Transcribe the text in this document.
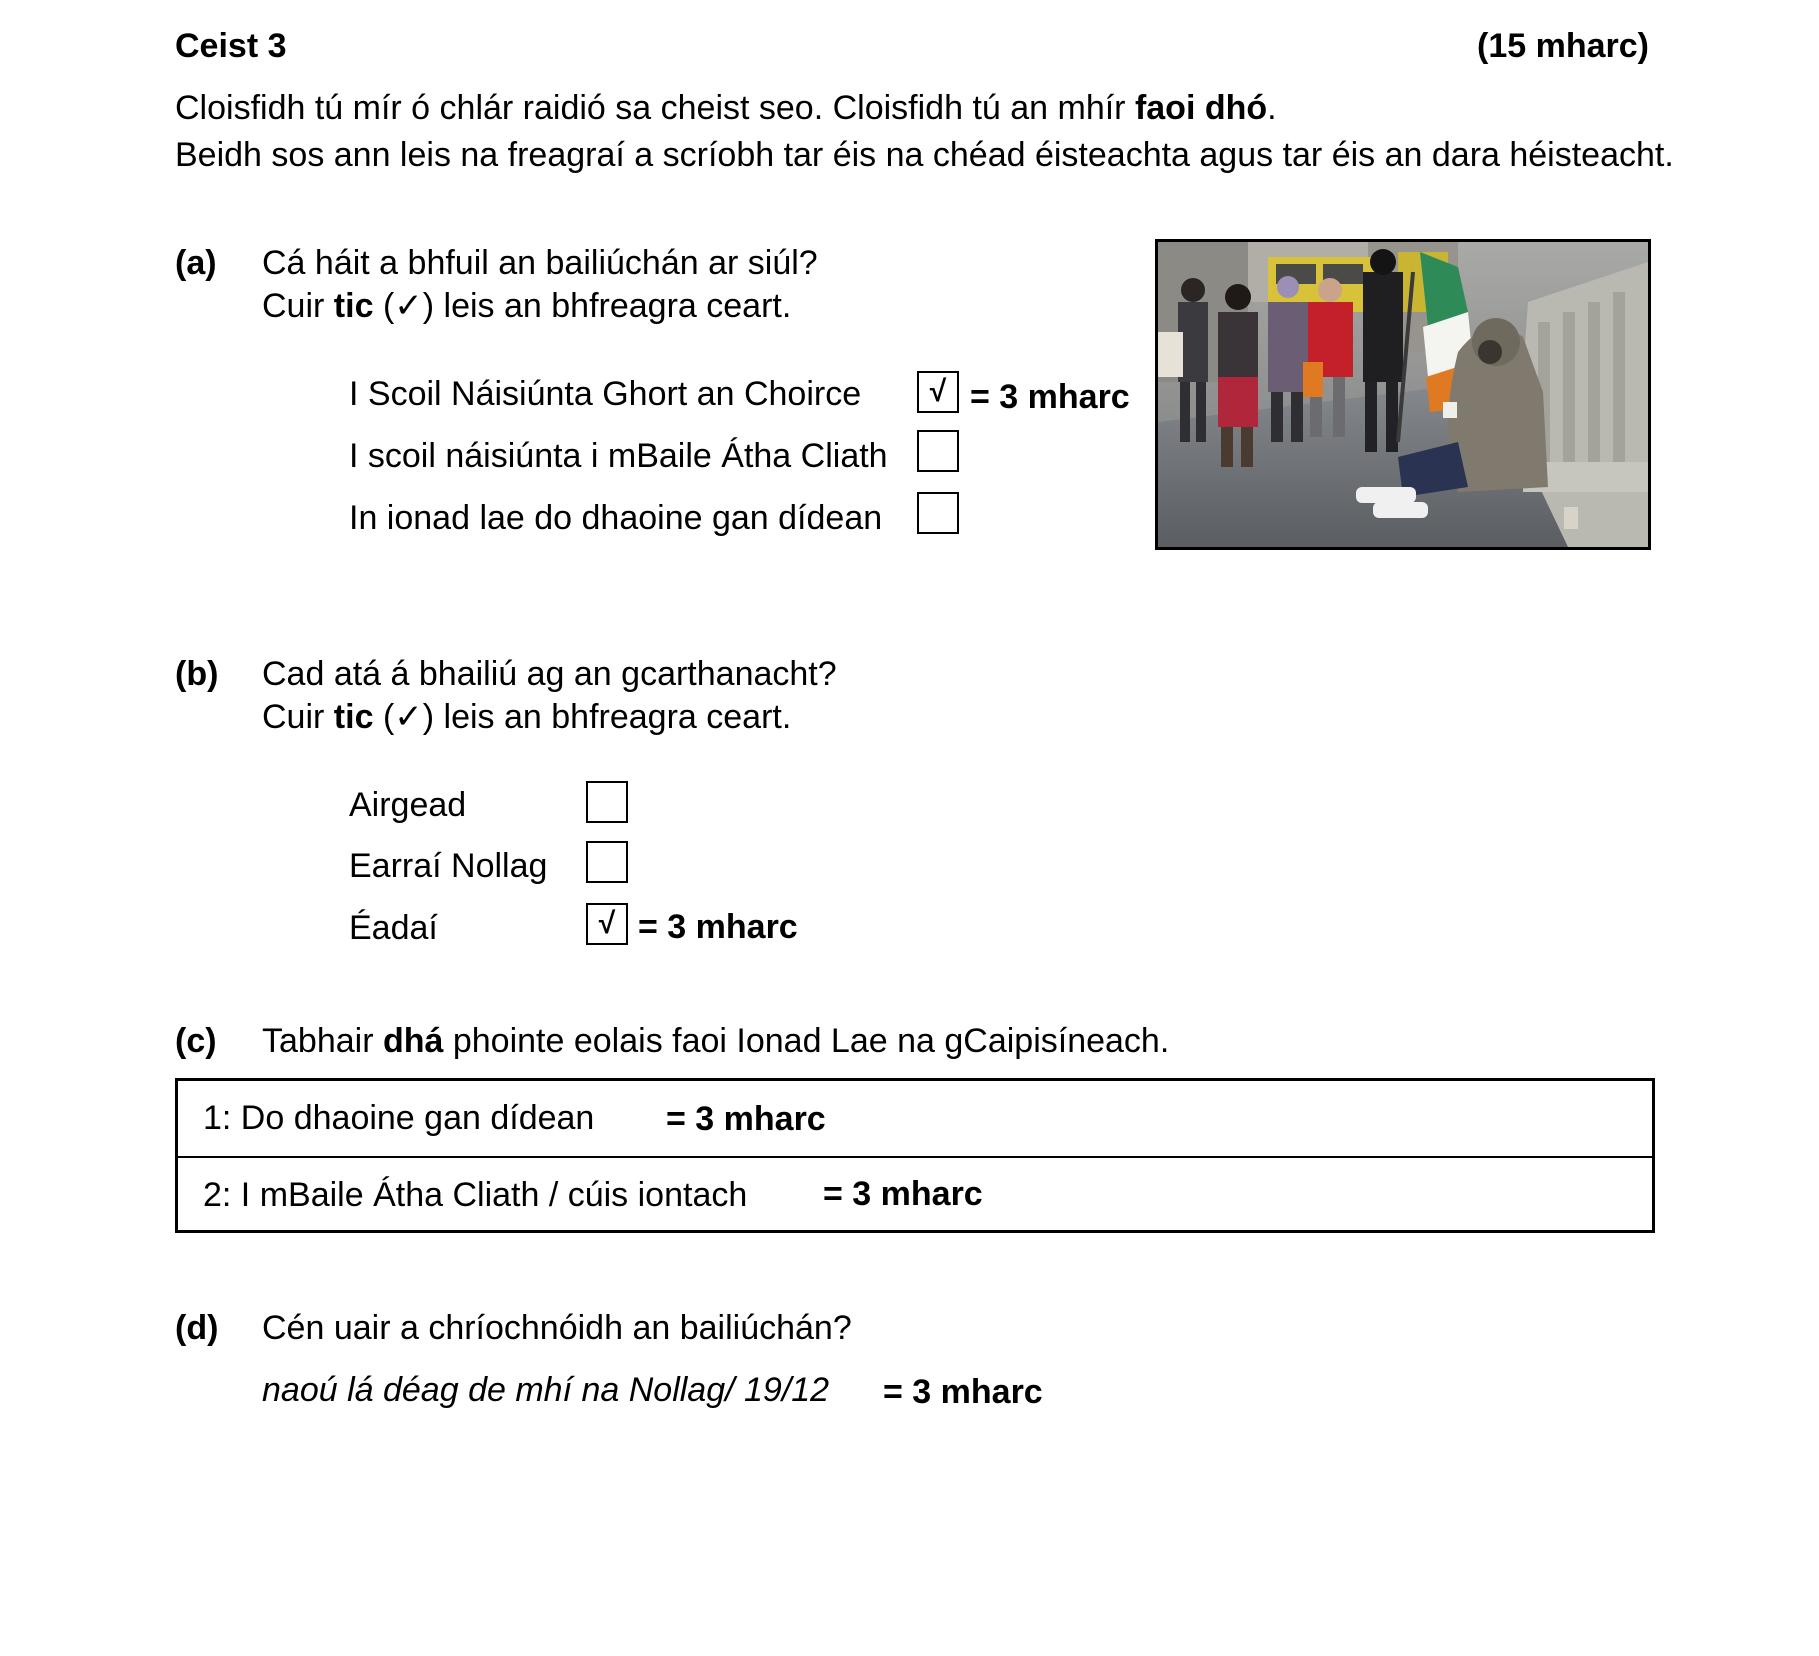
Ceist 3	(15 mharc)
Cloisfidh tú mír ó chlár raidió sa cheist seo. Cloisfidh tú an mhír faoi dhó.
Beidh sos ann leis na freagraí a scríobh tar éis na chéad éisteachta agus tar éis an dara héisteacht.
(a) Cá háit a bhfuil an bailiúchán ar siúl?
Cuir tic (✓) leis an bhfreagra ceart.
I Scoil Náisiúnta Ghort an Choirce
I scoil náisiúnta i mBaile Átha Cliath
In ionad lae do dhaoine gan dídean
√ = 3 mharc
(b) Cad atá á bhailiú ag an gcarthanacht?
Cuir tic (✓) leis an bhfreagra ceart.
Airgead
Earraí Nollag
Éadaí	√ = 3 mharc
(c) Tabhair dhá phointe eolais faoi Ionad Lae na gCaipisíneach.
1: Do dhaoine gan dídean = 3 mharc
2: I mBaile Átha Cliath / cúis iontach = 3 mharc
(d) Cén uair a chríochnóidh an bailiúchán?
naoú lá déag de mhí na Nollag/ 19/12 = 3 mharc
